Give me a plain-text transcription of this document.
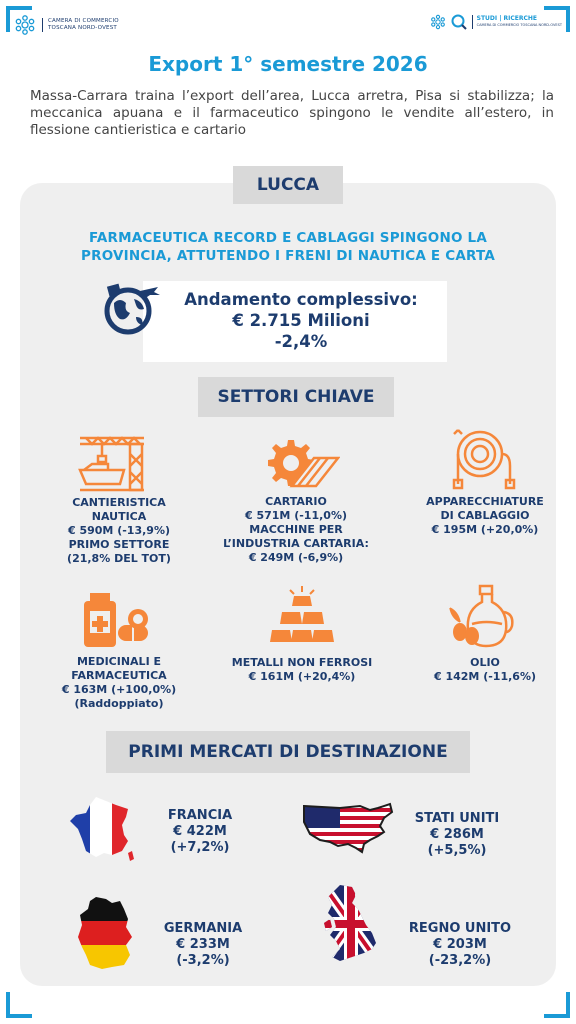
CAMERA DI COMMERCIO
TOSCANA NORD-OVEST
STUDI | RICERCHE
CAMERA DI COMMERCIO TOSCANA NORD-OVEST
Export 1° semestre 2026
Massa-Carrara traina l’export dell’area, Lucca arretra, Pisa si stabilizza; la meccanica apuana e il farmaceutico spingono le vendite all’estero, in flessione cantieristica e cartario
LUCCA
FARMACEUTICA RECORD E CABLAGGI SPINGONO LA
PROVINCIA, ATTUTENDO I FRENI DI NAUTICA E CARTA
Andamento complessivo:
€ 2.715 Milioni
-2,4%
SETTORI CHIAVE
CANTIERISTICA
NAUTICA
€ 590M (-13,9%)
PRIMO SETTORE
(21,8% DEL TOT)
CARTARIO
€ 571M (-11,0%)
MACCHINE PER
L’INDUSTRIA CARTARIA:
€ 249M (-6,9%)
APPARECCHIATURE
DI CABLAGGIO
€ 195M (+20,0%)
MEDICINALI E
FARMACEUTICA
€ 163M (+100,0%)
(Raddoppiato)
METALLI NON FERROSI
€ 161M (+20,4%)
OLIO
€ 142M (-11,6%)
PRIMI MERCATI DI DESTINAZIONE
FRANCIA
€ 422M
(+7,2%)
STATI UNITI
€ 286M
(+5,5%)
GERMANIA
€ 233M
(-3,2%)
REGNO UNITO
€ 203M
(-23,2%)
